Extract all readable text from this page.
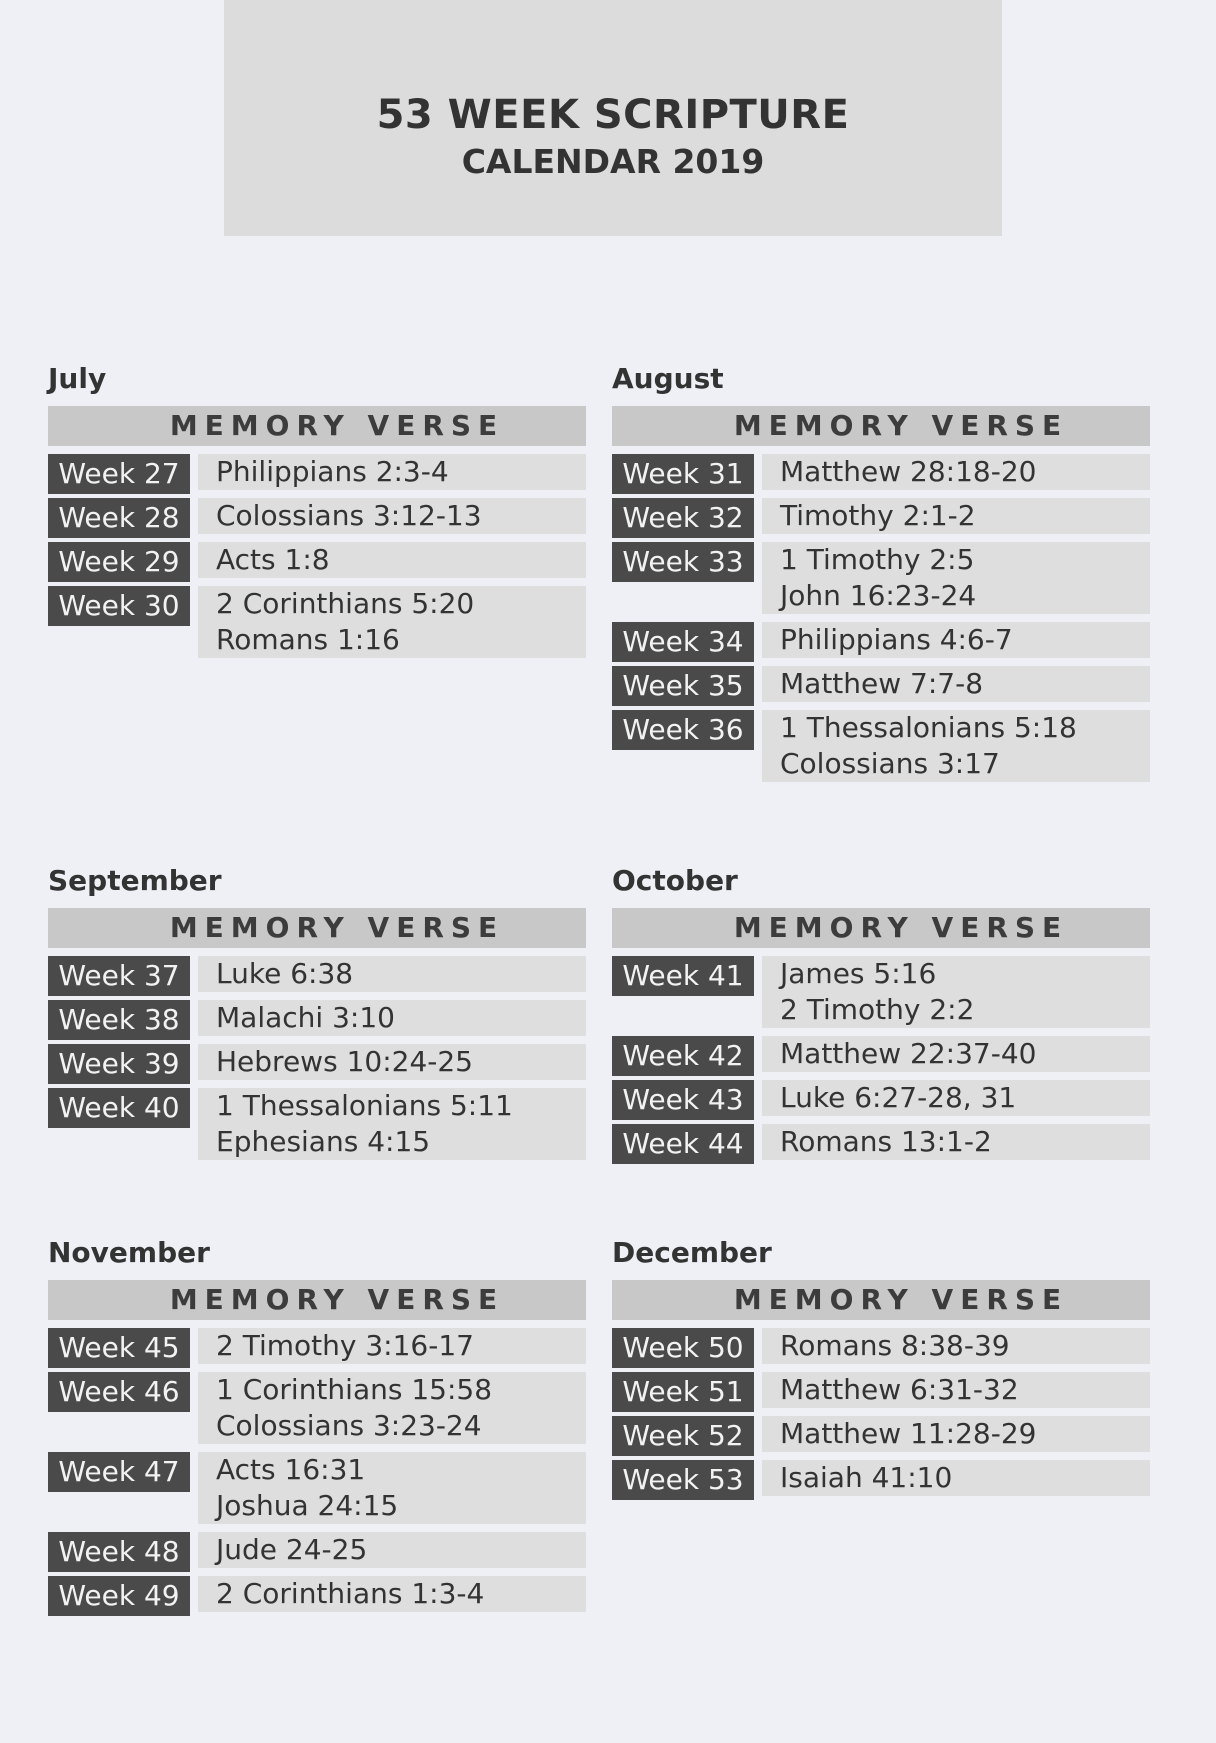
53 WEEK SCRIPTURE
CALENDAR 2019
July
MEMORY VERSE
Week 27	Philippians 2:3-4
Week 28	Colossians 3:12-13
Week 29	Acts 1:8
Week 30	2 Corinthians 5:20
Romans 1:16
August
MEMORY VERSE
Week 31	Matthew 28:18-20
Week 32	Timothy 2:1-2
Week 33	1 Timothy 2:5
John 16:23-24
Week 34	Philippians 4:6-7
Week 35	Matthew 7:7-8
Week 36	1 Thessalonians 5:18
Colossians 3:17
September
MEMORY VERSE
Week 37	Luke 6:38
Week 38	Malachi 3:10
Week 39	Hebrews 10:24-25
Week 40	1 Thessalonians 5:11
Ephesians 4:15
October
MEMORY VERSE
Week 41	James 5:16
2 Timothy 2:2
Week 42	Matthew 22:37-40
Week 43	Luke 6:27-28, 31
Week 44	Romans 13:1-2
November
MEMORY VERSE
Week 45	2 Timothy 3:16-17
Week 46	1 Corinthians 15:58
Colossians 3:23-24
Week 47	Acts 16:31
Joshua 24:15
Week 48	Jude 24-25
Week 49	2 Corinthians 1:3-4
December
MEMORY VERSE
Week 50	Romans 8:38-39
Week 51	Matthew 6:31-32
Week 52	Matthew 11:28-29
Week 53	Isaiah 41:10
